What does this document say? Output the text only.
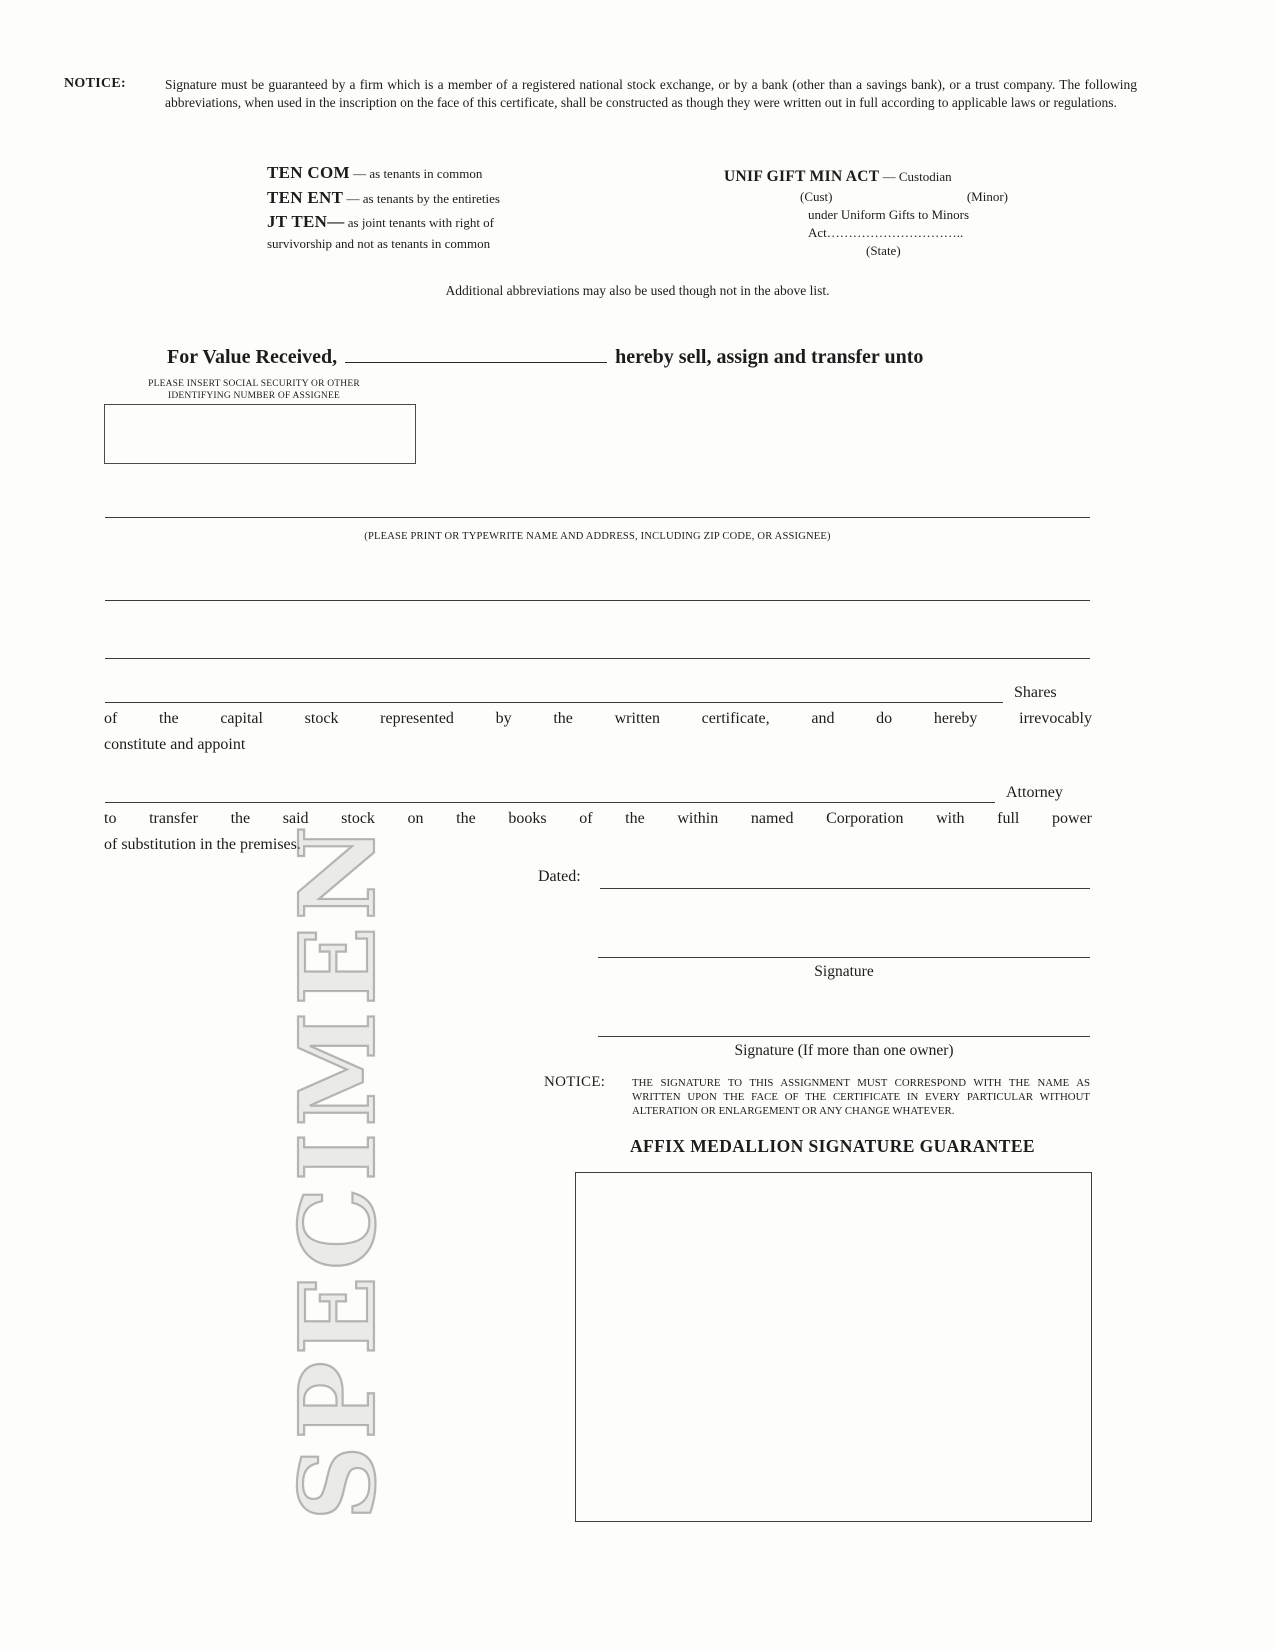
NOTICE:	Signature must be guaranteed by a firm which is a member of a registered national stock exchange, or by a bank (other than a savings bank), or a trust company. The following abbreviations, when used in the inscription on the face of this certificate, shall be constructed as though they were written out in full according to applicable laws or regulations.
TEN COM — as tenants in common
TEN ENT — as tenants by the entireties
JT TEN— as joint tenants with right of
survivorship and not as tenants in common
UNIF GIFT MIN ACT — Custodian
(Cust)	(Minor)
under Uniform Gifts to Minors
Act…………………………..
(State)
Additional abbreviations may also be used though not in the above list.
For Value Received,	hereby sell, assign and transfer unto
PLEASE INSERT SOCIAL SECURITY OR OTHER
IDENTIFYING NUMBER OF ASSIGNEE
(PLEASE PRINT OR TYPEWRITE NAME AND ADDRESS, INCLUDING ZIP CODE, OR ASSIGNEE)
Shares
of the capital stock represented by the written certificate, and do hereby irrevocably
constitute and appoint
Attorney
to transfer the said stock on the books of the within named Corporation with full power
of substitution in the premises.
Dated:
Signature
Signature (If more than one owner)
NOTICE: THE SIGNATURE TO THIS ASSIGNMENT MUST CORRESPOND WITH THE NAME AS WRITTEN UPON THE FACE OF THE CERTIFICATE IN EVERY PARTICULAR WITHOUT ALTERATION OR ENLARGEMENT OR ANY CHANGE WHATEVER.
AFFIX MEDALLION SIGNATURE GUARANTEE
SPECIMEN
